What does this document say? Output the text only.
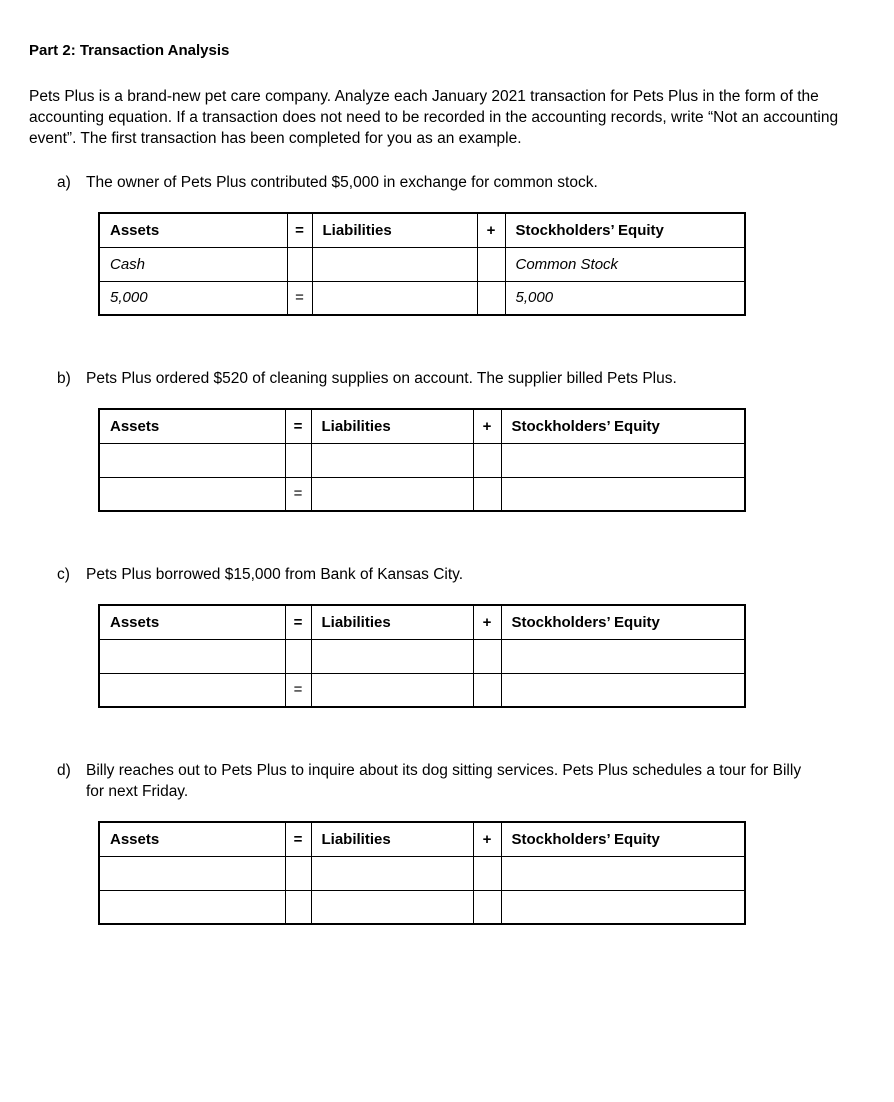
Part 2: Transaction Analysis
Pets Plus is a brand-new pet care company. Analyze each January 2021 transaction for Pets Plus in the form of the accounting equation. If a transaction does not need to be recorded in the accounting records, write “Not an accounting event”. The first transaction has been completed for you as an example.
a) The owner of Pets Plus contributed $5,000 in exchange for common stock.
Assets	=	Liabilities	+	Stockholders’ Equity
Cash				Common Stock
5,000	=			5,000
b) Pets Plus ordered $520 of cleaning supplies on account. The supplier billed Pets Plus.
Assets	=	Liabilities	+	Stockholders’ Equity

	=			
c) Pets Plus borrowed $15,000 from Bank of Kansas City.
Assets	=	Liabilities	+	Stockholders’ Equity

	=			
d) Billy reaches out to Pets Plus to inquire about its dog sitting services. Pets Plus schedules a tour for Billy
for next Friday.
Assets	=	Liabilities	+	Stockholders’ Equity
